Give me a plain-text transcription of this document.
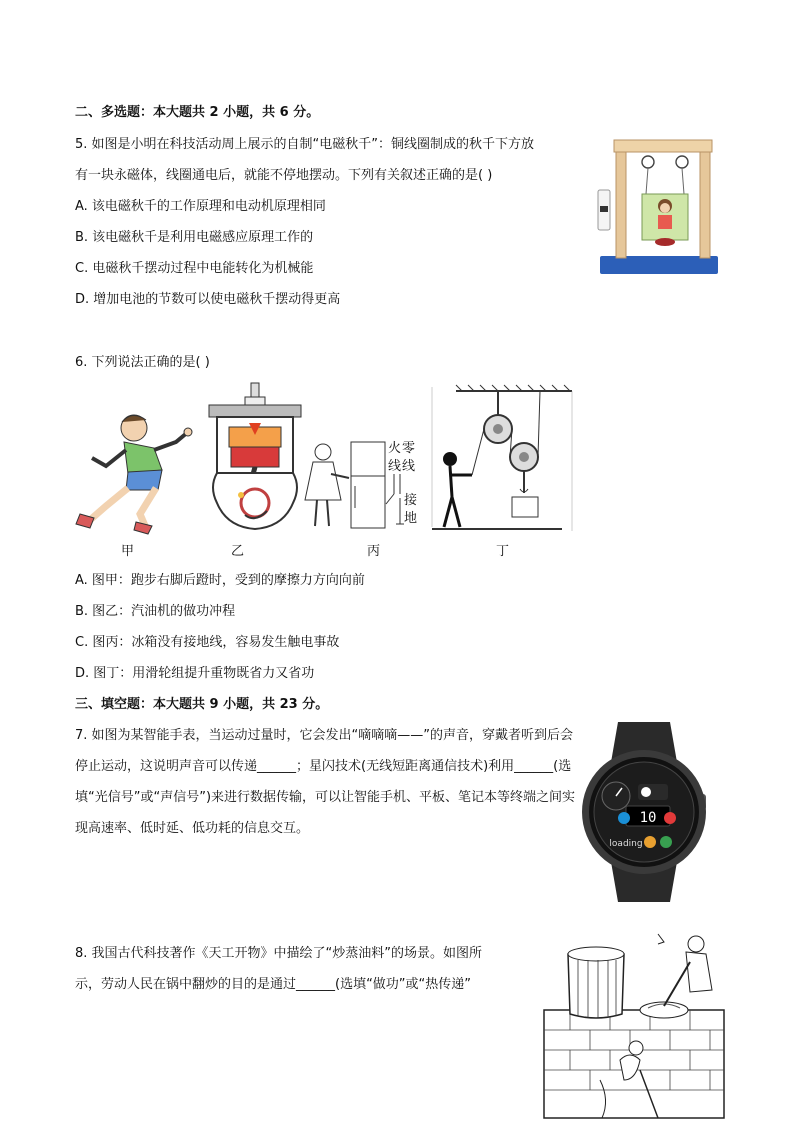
二、多选题：本大题共 2 小题，共 6 分。
5. 如图是小明在科技活动周上展示的自制“电磁秋千”：铜线圈制成的秋千下方放
有一块永磁体，线圈通电后，就能不停地摆动。下列有关叙述正确的是( )
A. 该电磁秋千的工作原理和电动机原理相同
B. 该电磁秋千是利用电磁感应原理工作的
C. 电磁秋千摆动过程中电能转化为机械能
D. 增加电池的节数可以使电磁秋千摆动得更高
6. 下列说法正确的是( )
火 零
线 线
接
地
甲	乙	丙	丁
A. 图甲：跑步右脚后蹬时，受到的摩擦力方向向前
B. 图乙：汽油机的做功冲程
C. 图丙：冰箱没有接地线，容易发生触电事故
D. 图丁：用滑轮组提升重物既省力又省功
三、填空题：本大题共 9 小题，共 23 分。
7. 如图为某智能手表，当运动过量时，它会发出“嘀嘀嘀——”的声音，穿戴者听到后会停止运动，这说明声音可以传递______；星闪技术(无线短距离通信技术)利用______(选填“光信号”或“声信号”)来进行数据传输，可以让智能手机、平板、笔记本等终端之间实现高速率、低时延、低功耗的信息交互。
10
loading
8. 我国古代科技著作《天工开物》中描绘了“炒蒸油料”的场景。如图所
示，劳动人民在锅中翻炒的目的是通过______(选填“做功”或“热传递”
